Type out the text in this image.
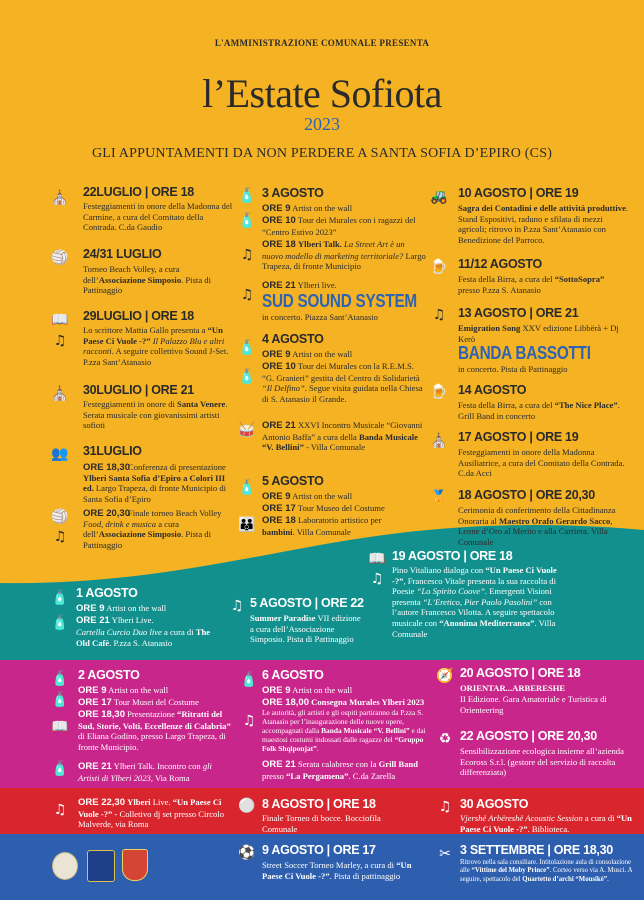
L'AMMINISTRAZIONE COMUNALE PRESENTA
l’Estate Sofiota
2023
GLI APPUNTAMENTI DA NON PERDERE A SANTA SOFIA D’EPIRO (CS)
⛪ 22LUGLIO | ORE 18
Festeggiamenti in onore della Madonna del Carmine, a cura del Comitato della Contrada. C.da Gaudio
🏐 24/31 LUGLIO
Torneo Beach Volley, a cura dell’Associazione Simposio. Pista di Pattinaggio
📖
♫
29LUGLIO | ORE 18
Lo scrittore Mattia Gallo presenta a “Un Paese Ci Vuole -?” Il Palazzo Blu e altri racconti. A seguire collettivo Sound J-Set. P.zza Sant’Atanasio
⛪ 30LUGLIO | ORE 21
Festeggiamenti in onore di Santa Venere. Serata musicale con giovanissimi artisti sofioti
👥 31LUGLIO
ORE 18,30
Conferenza di presentazione Ylberi Santa Sofia d’Epiro a Colori III ed. Largo Trapeza, di fronte Municipio di Santa Sofia d’Epiro
🏐
♫
ORE 20,30
Finale torneo Beach Volley Food, drink e musica a cura dell’Associazione Simposio. Pista di Pattinaggio
🧴
🧴
♫
♫
3 AGOSTO
ORE 9 Artist on the wall
ORE 10 Tour dei Murales con i ragazzi del “Centro Estivo 2023”
ORE 18 Ylberi Talk. La Street Art è un nuovo modello di marketing territoriale? Largo Trapeza, di fronte Municipio
ORE 21 Ylberi live.
SUD SOUND SYSTEM
in concerto. Piazza Sant’Atanasio
🧴
🧴
🥁
4 AGOSTO
ORE 9 Artist on the wall
ORE 10 Tour dei Murales con la R.E.M.S. “G. Granieri” gestita del Centro di Solidarietà “Il Delfino”. Segue visita guidata nella Chiesa di S. Atanasio il Grande.
ORE 21 XXVI Incontro Musicale “Giovanni Antonio Baffa” a cura della Banda Musicale “V. Bellini” - Villa Comunale
🧴
👪
5 AGOSTO
ORE 9 Artist on the wall
ORE 17 Tour Museo del Costume
ORE 18 Laboratorio artistico per bambini. Villa Comunale
🚜 10 AGOSTO | ORE 19
Sagra dei Contadini e delle attività produttive. Stand Espositivi, raduno e sfilata di mezzi agricoli; ritrovo in P.zza Sant’Atanasio con Benedizione del Parroco.
🍺 11/12 AGOSTO
Festa della Birra, a cura del “SottoSopra” presso P.zza S. Atanasio
♫	13 AGOSTO | ORE 21
Emigration Song XXV edizione Libbërà + Dj Kerò
BANDA BASSOTTI
in concerto. Pista di Pattinaggio
🍺 14 AGOSTO
Festa della Birra, a cura del “The Nice Place”. Grill Band in concerto
⛪ 17 AGOSTO | ORE 19
Festeggiamenti in onore della Madonna Ausiliatrice, a cura del Comitato della Contrada. C.da Acci
🏅 18 AGOSTO | ORE 20,30
Cerimonia di conferimento della Cittadinanza Onoraria al Maestro Orafo Gerardo Sacco, Leone d’Oro al Merito e alla Carriera. Villa Comunale
📖
♫
19 AGOSTO | ORE 18
Pino Vitaliano dialoga con “Un Paese Ci Vuole -?”, Francesco Vitale presenta la sua raccolta di Poesie “Lo Spirito Coove”. Emergenti Visioni presenta “L’Eretico, Pier Paolo Pasolini” con l’autore Francesco Vilotta. A seguire spettacolo musicale con “Anonima Mediterranea”. Villa Comunale
🧴
🧴
1 AGOSTO
ORE 9 Artist on the wall
ORE 21 Ylberi Live.
Cartella Curcio Duo live a cura di The Old Cafè. P.zza S. Atanasio
♫ 5 AGOSTO | ORE 22
Summer Paradise VII edizione a cura dell’Associazione Simposio. Pista di Pattinaggio
🧴
🧴
📖
🧴
2 AGOSTO
ORE 9 Artist on the wall
ORE 17 Tour Musei del Costume
ORE 18,30 Presentazione “Ritratti del Sud, Storie, Volti, Eccellenze di Calabria” di Eliana Godino, presso Largo Trapeza, di fronte Municipio.
ORE 21 Ylberi Talk. Incontro con gli Artisti di Ylberi 2023, Via Roma
🧴
♫
6 AGOSTO
ORE 9 Artist on the wall
ORE 18,00 Consegna Murales Ylberi 2023
Le autorità, gli artisti e gli ospiti partiranno da P.zza S. Atanasio per l’inaugurazione delle nuove opere, accompagnati dalla Banda Musicale “V. Bellini” e dai maestosi costumi indossati dalle ragazze del “Gruppo Folk Shqiponjat”.
ORE 21 Serata calabrese con la Grill Band presso “La Pergamena”. C.da Zarella
🧭 20 AGOSTO | ORE 18
ORIENTAR...ARBERESHE
II Edizione. Gara Amatoriale e Turistica di Orienteering
♻ 22 AGOSTO | ORE 20,30
Sensibilizzazione ecologica insieme all’azienda Ecoross S.r.l. (gestore del servizio di raccolta differenziata)
♫	ORE 22,30 Ylberi Live. “Un Paese Ci Vuole -?” - Colletivo dj set presso Circolo Malverde, via Roma
⚪ 8 AGOSTO | ORE 18
Finale Torneo di bocce. Bocciofila Comunale
♫ 30 AGOSTO
Vjershë Arbëreshë Acoustic Session a cura di “Un Paese Ci Vuole -?”. Biblioteca.
⚽ 9 AGOSTO | ORE 17
Street Soccer Torneo Marley, a cura di “Un Paese Ci Vuole -?”. Pista di pattinaggio
✂ 3 SETTEMBRE | ORE 18,30
Ritrovo nella sala consiliare. Intitolazione aula di consolazione alle “Vittime del Moby Prince”. Corteo verso via A. Musci. A seguire, spettacolo del Quartetto d’archi “Mousikè”.
